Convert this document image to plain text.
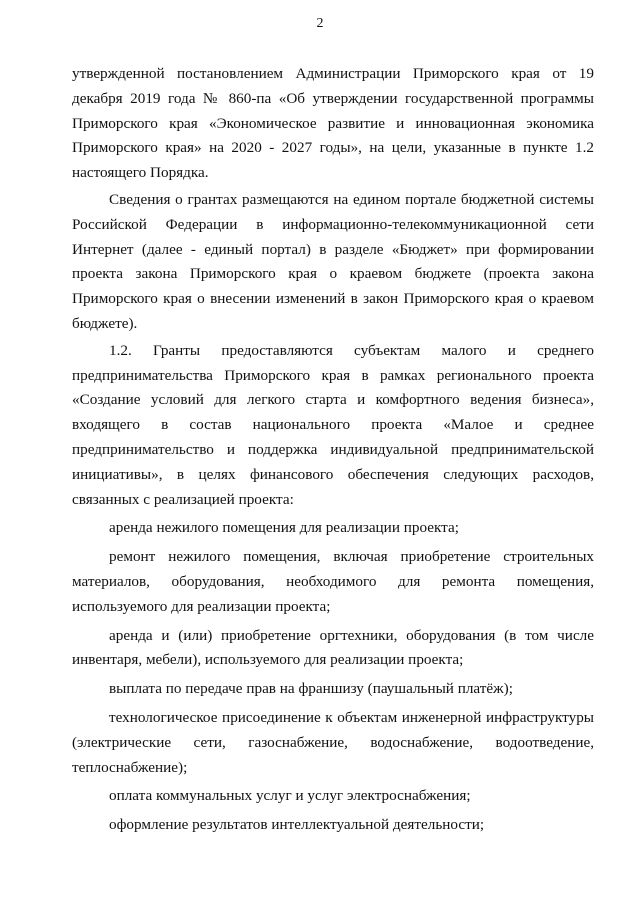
2

утвержденной постановлением Администрации Приморского края от 19 декабря 2019 года № 860-па «Об утверждении государственной программы Приморского края «Экономическое развитие и инновационная экономика Приморского края» на 2020 - 2027 годы», на цели, указанные в пункте 1.2 настоящего Порядка.

Сведения о грантах размещаются на едином портале бюджетной системы Российской Федерации в информационно-телекоммуникационной сети Интернет (далее - единый портал) в разделе «Бюджет» при формировании проекта закона Приморского края о краевом бюджете (проекта закона Приморского края о внесении изменений в закон Приморского края о краевом бюджете).

1.2. Гранты предоставляются субъектам малого и среднего предпринимательства Приморского края в рамках регионального проекта «Создание условий для легкого старта и комфортного ведения бизнеса», входящего в состав национального проекта «Малое и среднее предпринимательство и поддержка индивидуальной предпринимательской инициативы», в целях финансового обеспечения следующих расходов, связанных с реализацией проекта:

аренда нежилого помещения для реализации проекта;

ремонт нежилого помещения, включая приобретение строительных материалов, оборудования, необходимого для ремонта помещения, используемого для реализации проекта;

аренда и (или) приобретение оргтехники, оборудования (в том числе инвентаря, мебели), используемого для реализации проекта;

выплата по передаче прав на франшизу (паушальный платёж);

технологическое присоединение к объектам инженерной инфраструктуры (электрические сети, газоснабжение, водоснабжение, водоотведение, теплоснабжение);

оплата коммунальных услуг и услуг электроснабжения;

оформление результатов интеллектуальной деятельности;
